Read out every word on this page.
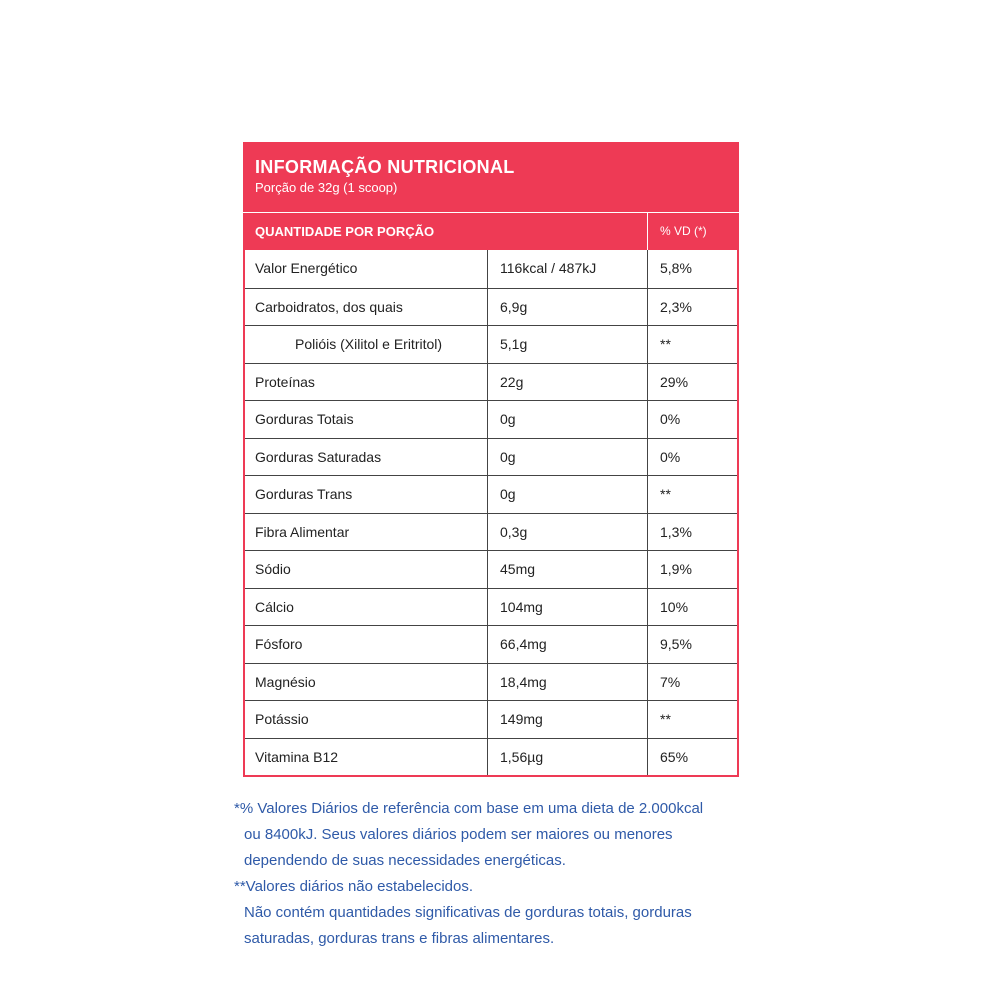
INFORMAÇÃO NUTRICIONAL
Porção de 32g (1 scoop)
QUANTIDADE POR PORÇÃO	% VD (*)
Valor Energético	116kcal / 487kJ	5,8%
Carboidratos, dos quais	6,9g	2,3%
Polióis (Xilitol e Eritritol)	5,1g	**
Proteínas	22g	29%
Gorduras Totais	0g	0%
Gorduras Saturadas	0g	0%
Gorduras Trans	0g	**
Fibra Alimentar	0,3g	1,3%
Sódio	45mg	1,9%
Cálcio	104mg	10%
Fósforo	66,4mg	9,5%
Magnésio	18,4mg	7%
Potássio	149mg	**
Vitamina B12	1,56µg	65%
*% Valores Diários de referência com base em uma dieta de 2.000kcal
ou 8400kJ. Seus valores diários podem ser maiores ou menores
dependendo de suas necessidades energéticas.
**Valores diários não estabelecidos.
Não contém quantidades significativas de gorduras totais, gorduras
saturadas, gorduras trans e fibras alimentares.
